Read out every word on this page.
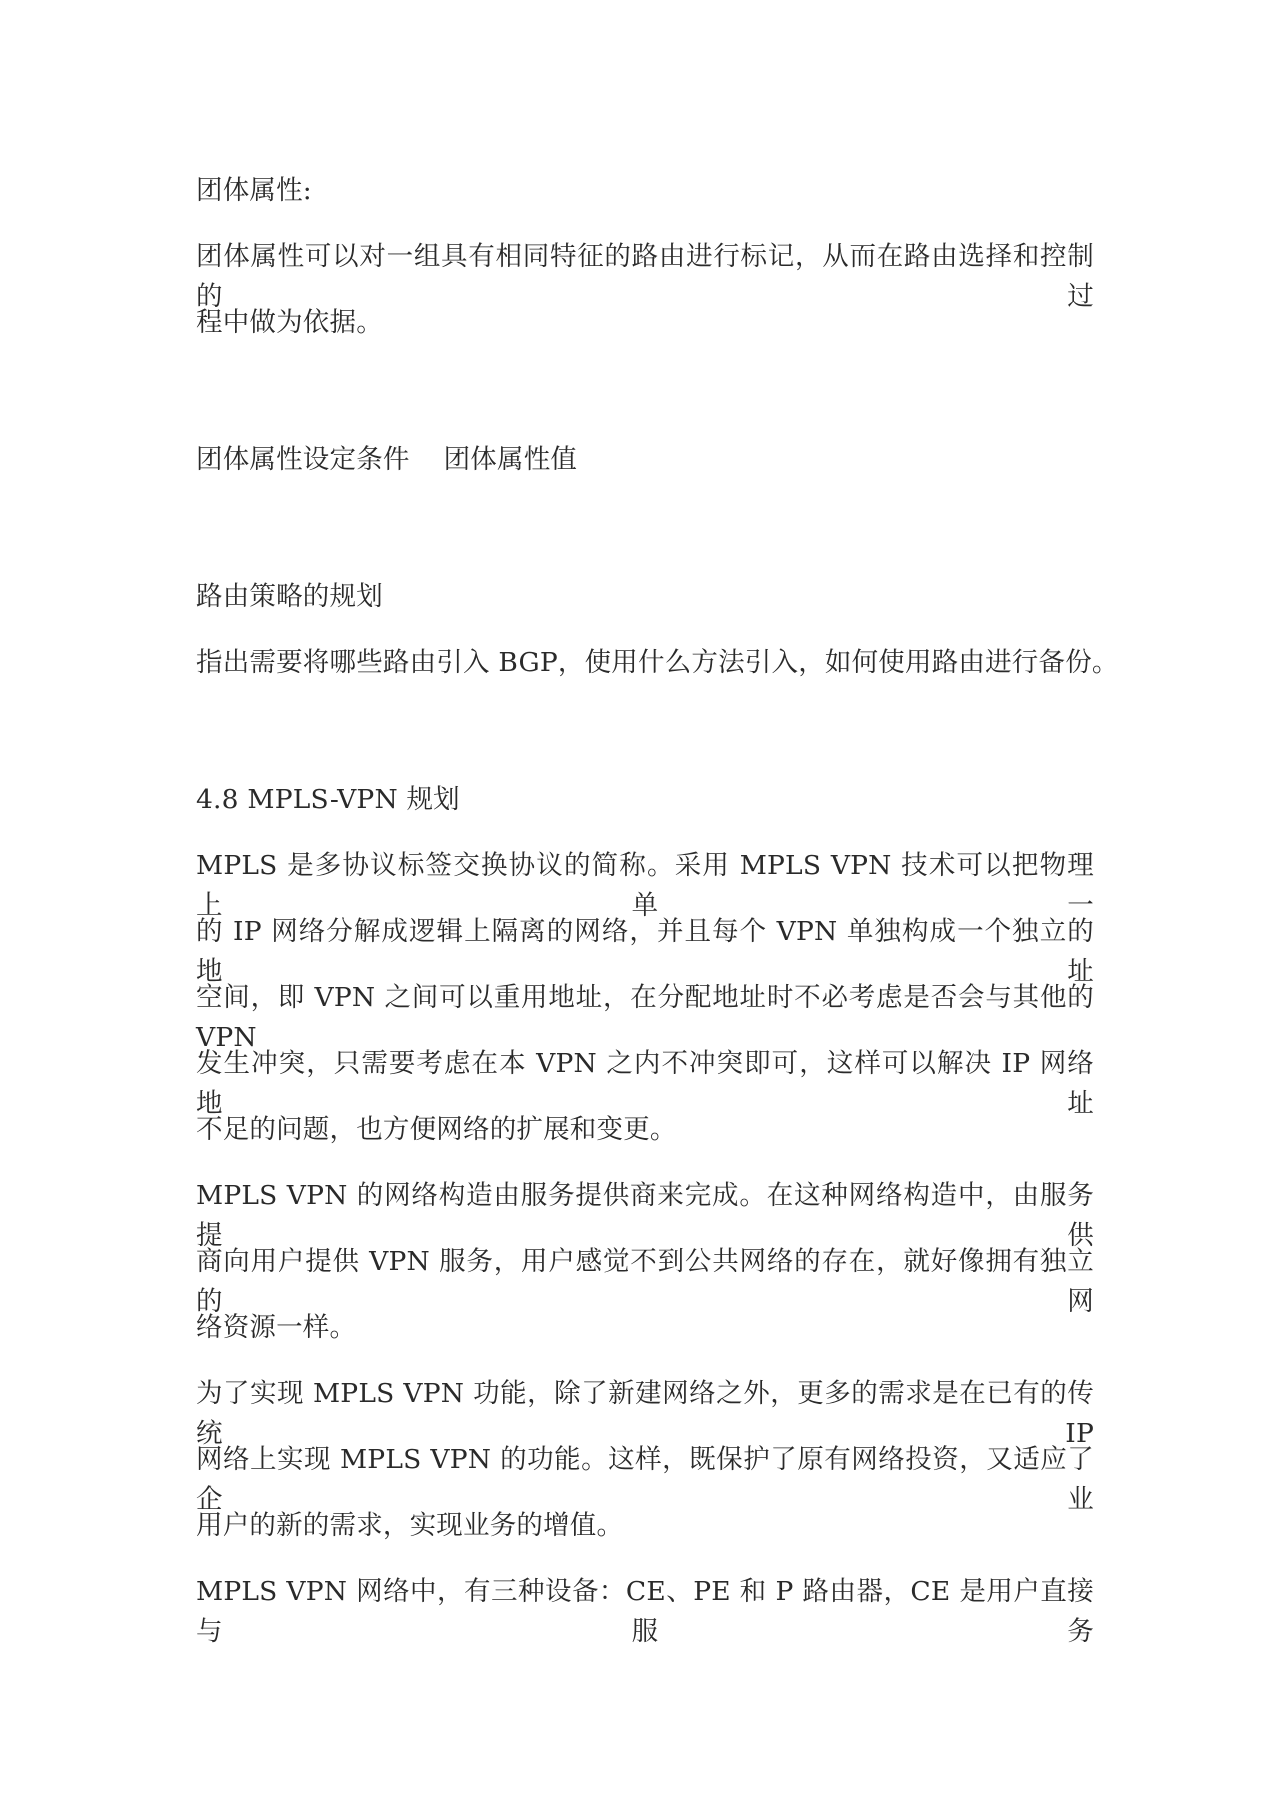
团体属性:
团体属性可以对一组具有相同特征的路由进行标记，从而在路由选择和控制的过
程中做为依据。
团体属性设定条件 团体属性值
路由策略的规划
指出需要将哪些路由引入 BGP，使用什么方法引入，如何使用路由进行备份。
4.8 MPLS-VPN 规划
MPLS 是多协议标签交换协议的简称。采用 MPLS VPN 技术可以把物理上单一
的 IP 网络分解成逻辑上隔离的网络，并且每个 VPN 单独构成一个独立的地址
空间，即 VPN 之间可以重用地址，在分配地址时不必考虑是否会与其他的 VPN
发生冲突，只需要考虑在本 VPN 之内不冲突即可，这样可以解决 IP 网络地址
不足的问题，也方便网络的扩展和变更。
MPLS VPN 的网络构造由服务提供商来完成。在这种网络构造中，由服务提供
商向用户提供 VPN 服务，用户感觉不到公共网络的存在，就好像拥有独立的网
络资源一样。
为了实现 MPLS VPN 功能，除了新建网络之外，更多的需求是在已有的传统 IP
网络上实现 MPLS VPN 的功能。这样，既保护了原有网络投资，又适应了企业
用户的新的需求，实现业务的增值。
MPLS VPN 网络中，有三种设备：CE、PE 和 P 路由器，CE 是用户直接与服务
